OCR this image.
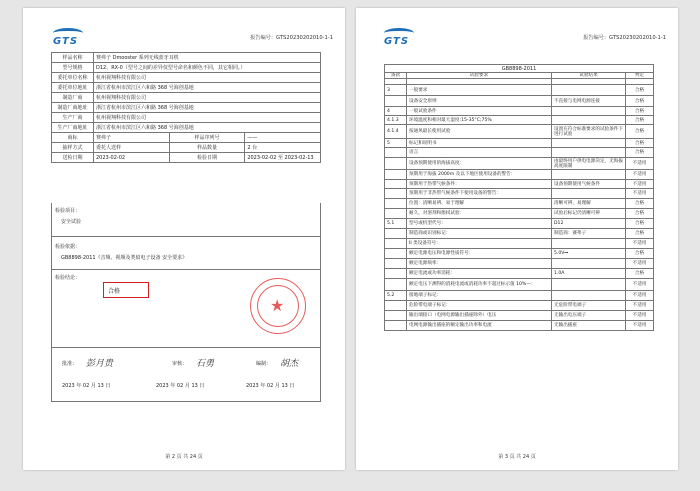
GTS	报告编号：GTS20230202010-1-1
样品名称	赛弗子 Dmooster 系列无线蓝牙耳机		
型号规格	D12、RX-0（型号之间的差异仅型号命名和颜色不同，其它相同。）		
委托单位名称	杭州视翔科技有限公司		
委托单位地址	浙江省杭州市滨江区六和路 368 号海创基地		
制造厂商	杭州视翔科技有限公司		
制造厂商地址	浙江省杭州市滨江区六和路 368 号海创基地		
生产厂商	杭州视翔科技有限公司		
生产厂商地址	浙江省杭州市滨江区六和路 368 号海创基地		
商标	赛弗子	样品序列号	——
抽样方式	委托人送样	样品数量	2 台
送检日期	2023-02-02	检验日期	2023-02-02 至 2023-02-13
检验项目：
安全试验
检验依据：
GB8898-2011《音频、视频及类似电子设备 安全要求》
检验结论：
合格
★
批准： 彭月贵	审核： 石勇	编制： 胡杰
2023 年 02 月 13 日	2023 年 02 月 13 日	2023 年 02 月 13 日
第 2 页 共 24 页
GTS	报告编号：GTS20230202010-1-1
GB8898-2011
条款	试验要求	试验结果	判定

3	一般要求		合格
	设备安全原则	不直接与电网电源连接	合格
4	一般试验条件		合格
4.1.3	环境温度和相对最大湿度:15-35°C;75%		合格
4.1.4	按通风最长使用试验	设置在符合标准要求的试验条件下进行试验	合格
5	标记和说明书		合格
	语言		合格
	设备预期使用的海拔高度：	由最终用户供电电源决定，无海拔高度限制	不适用
	预期用于海拔 2000m 及以下地区使用设备的警告：		不适用
	预期用于热带气候条件：	设备预期使用气候条件	不适用
	预期用于非热带气候条件下使用设备的警告：		不适用
	位置：清晰易辨、易于理解	清晰可辨，易理解	合格
	耐久，对溶剂和擦拭试验：	试验后标记仍清晰可辨	合格
5.1	型号或机型代号：	D12	合格
	制造商或识别标记：	制造商：赛弗子	合格
	II 类设备符号：		不适用
	额定电源电压和电源性质符号：	5.0V⎓	合格
	额定电源频率：		不适用
	额定电流或功率消耗：	1.0A	合格
	额定电压下测得的消耗电流或消耗功率不超过标示值 10%—：		不适用
5.2	接地端子标记：		不适用
	危险带电端子标记：	无危险带电端子	不适用
	输出端接口（电网电源输出插座除外）电压	无输出电压端子	不适用
	电网电源输出插座的额定输出功率和电流	无输出插座	不适用
第 3 页 共 24 页
